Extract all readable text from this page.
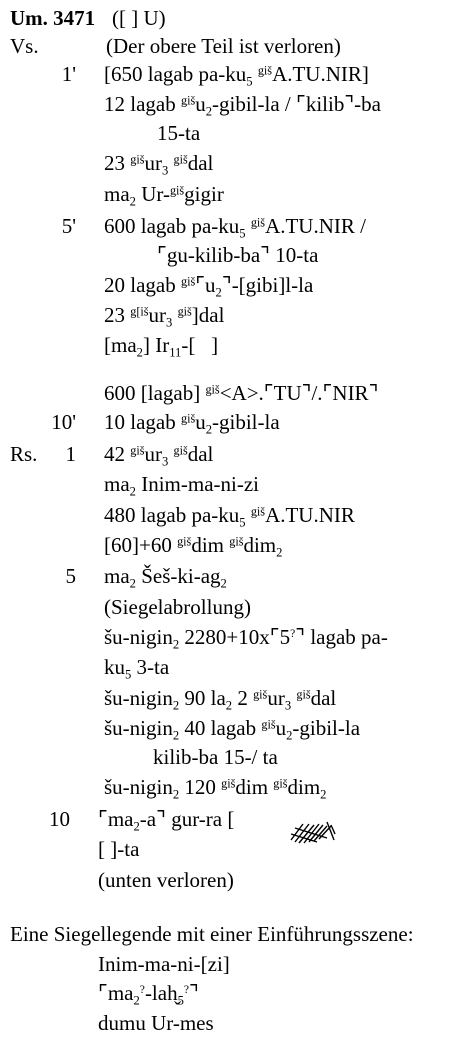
Um. 3471 ([ ] U)
Vs.	(Der obere Teil ist verloren)
1' [650 lagab $pa-ku_5$ $^{giš}$A.TU.NIR]
12 lagab $^{giš}u_2-gibil-la$ / ⌜kilib⌝-ba
15-ta
23 $^{giš}ur_3$ $^{giš}$dal
$ma_2$ Ur-$^{giš}$gigir
5' 600 lagab $pa-ku_5$ $^{giš}$A.TU.NIR /
⌜gu-kilib-ba⌝ 10-ta
20 lagab $^{giš}⌜u_2⌝-[gibi]l-la$
23 $^{g[iš}ur_3$ $^{giš}$]dal
$[ma_2]$ $Ir_{11}-$[   ]
600 [lagab] $^{giš}$<A>.⌜TU⌝/.⌜NIR⌝
10' 10 lagab $^{giš}u_2-gibil-la$
Rs.	1 42 $^{giš}ur_3$ $^{giš}$dal
$ma_2$ Inim-ma-ni-zi
480 lagab $pa-ku_5$ $^{giš}$A.TU.NIR
[60]+60 $^{giš}$dim $^{giš}$dim$_2$
5 $ma_2$ Šeš-$ki-ag_2$
(Siegelabrollung)
šu-nigin$_2$ 2280+10x⌜5?⌝ lagab pa-
$ku_5$ 3-ta
šu-nigin$_2$ 90 $la_2$ 2 $^{giš}ur_3$ $^{giš}$dal
šu-nigin$_2$ 40 lagab $^{giš}u_2-gibil-la$
kilib-ba 15-/ ta
šu-nigin$_2$ 120 $^{giš}$dim $^{giš}$dim$_2$
10 $⌜ma_2-a⌝$ gur-ra [
[ ]-ta
(unten verloren)
Eine Siegellegende mit einer Einführungsszene:
Inim-ma-ni-[zi]
$⌜ma_2^?-lah̬_5^?⌝$
dumu Ur-mes
